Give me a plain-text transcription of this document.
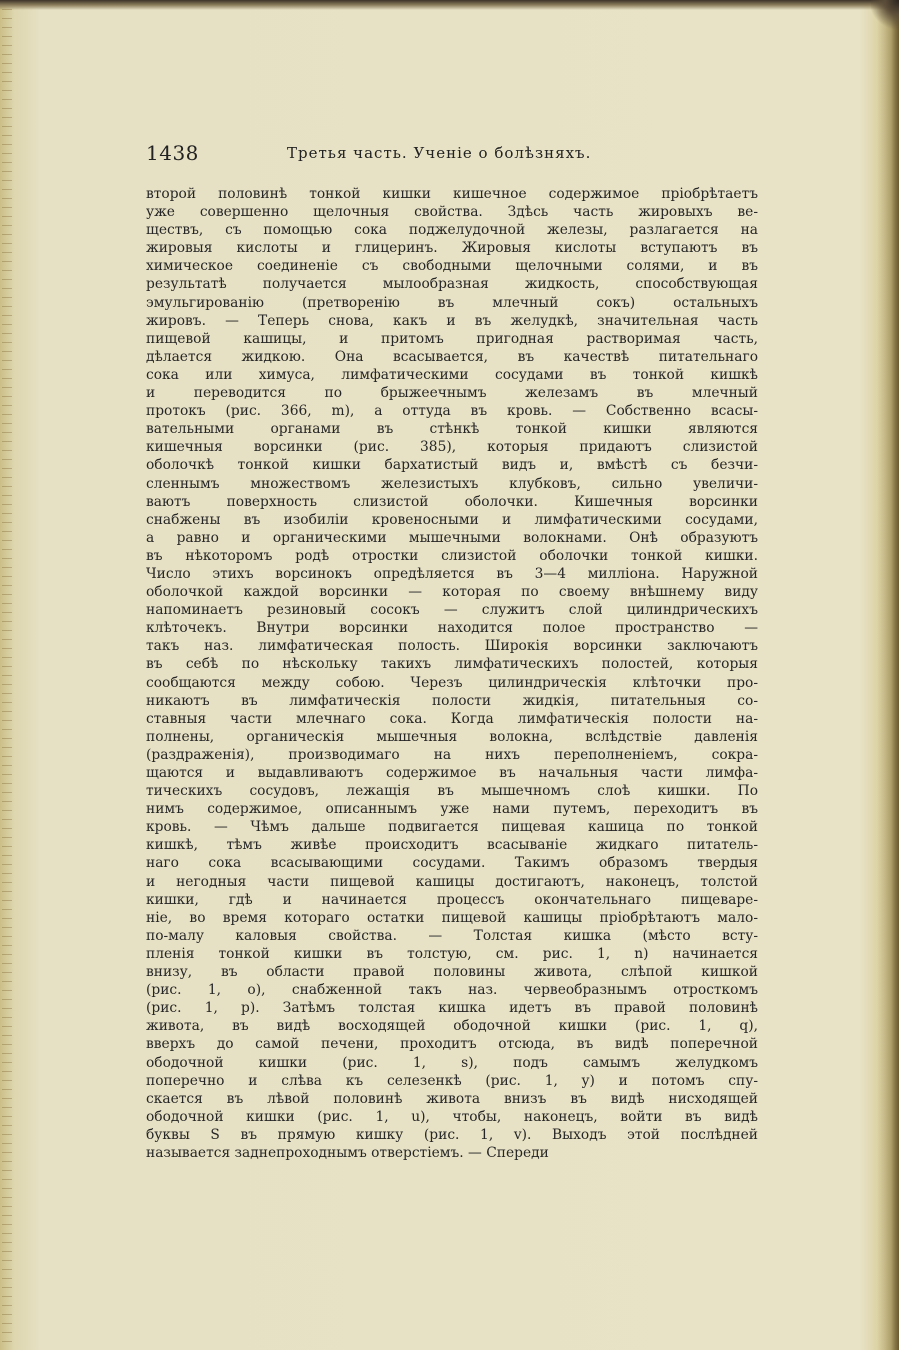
1438	Третья часть. Ученіе о болѣзняхъ.
второй половинѣ тонкой кишки кишечное содержимое пріобрѣтаетъ
уже совершенно щелочныя свойства. Здѣсь часть жировыхъ ве-
ществъ, съ помощью сока поджелудочной железы, разлагается на
жировыя кислоты и глицеринъ. Жировыя кислоты вступаютъ въ
химическое соединеніе съ свободными щелочными солями, и въ
результатѣ получается мылообразная жидкость, способствующая
эмульгированію (претворенію въ млечный сокъ) остальныхъ
жировъ. — Теперь снова, какъ и въ желудкѣ, значительная часть
пищевой кашицы, и притомъ пригодная растворимая часть,
дѣлается жидкою. Она всасывается, въ качествѣ питательнаго
сока или химуса, лимфатическими сосудами въ тонкой кишкѣ
и переводится по брыжеечнымъ железамъ въ млечный
протокъ (рис. 366, m), а оттуда въ кровь. — Собственно всасы-
вательными органами въ стѣнкѣ тонкой кишки являются
кишечныя ворсинки (рис. 385), которыя придаютъ слизистой
оболочкѣ тонкой кишки бархатистый видъ и, вмѣстѣ съ безчи-
сленнымъ множествомъ железистыхъ клубковъ, сильно увеличи-
ваютъ поверхность слизистой оболочки. Кишечныя ворсинки
снабжены въ изобиліи кровеносными и лимфатическими сосудами,
а равно и органическими мышечными волокнами. Онѣ образуютъ
въ нѣкоторомъ родѣ отростки слизистой оболочки тонкой кишки.
Число этихъ ворсинокъ опредѣляется въ 3—4 милліона. Наружной
оболочкой каждой ворсинки — которая по своему внѣшнему виду
напоминаетъ резиновый сосокъ — служитъ слой цилиндрическихъ
клѣточекъ. Внутри ворсинки находится полое пространство —
такъ наз. лимфатическая полость. Широкія ворсинки заключаютъ
въ себѣ по нѣскольку такихъ лимфатическихъ полостей, которыя
сообщаются между собою. Черезъ цилиндрическія клѣточки про-
никаютъ въ лимфатическія полости жидкія, питательныя со-
ставныя части млечнаго сока. Когда лимфатическія полости на-
полнены, органическія мышечныя волокна, вслѣдствіе давленія
(раздраженія), производимаго на нихъ переполненіемъ, сокра-
щаются и выдавливаютъ содержимое въ начальныя части лимфа-
тическихъ сосудовъ, лежащія въ мышечномъ слоѣ кишки. По
нимъ содержимое, описаннымъ уже нами путемъ, переходитъ въ
кровь. — Чѣмъ дальше подвигается пищевая кашица по тонкой
кишкѣ, тѣмъ живѣе происходитъ всасываніе жидкаго питатель-
наго сока всасывающими сосудами. Такимъ образомъ твердыя
и негодныя части пищевой кашицы достигаютъ, наконецъ, толстой
кишки, гдѣ и начинается процессъ окончательнаго пищеваре-
ніе, во время котораго остатки пищевой кашицы пріобрѣтаютъ мало-
по-малу каловыя свойства. — Толстая кишка (мѣсто всту-
пленія тонкой кишки въ толстую, см. рис. 1, n) начинается
внизу, въ области правой половины живота, слѣпой кишкой
(рис. 1, o), снабженной такъ наз. червеобразнымъ отросткомъ
(рис. 1, p). Затѣмъ толстая кишка идетъ въ правой половинѣ
живота, въ видѣ восходящей ободочной кишки (рис. 1, q),
вверхъ до самой печени, проходитъ отсюда, въ видѣ поперечной
ободочной кишки (рис. 1, s), подъ самымъ желудкомъ
поперечно и слѣва къ селезенкѣ (рис. 1, y) и потомъ спу-
скается въ лѣвой половинѣ живота внизъ въ видѣ нисходящей
ободочной кишки (рис. 1, u), чтобы, наконецъ, войти въ видѣ
буквы S въ прямую кишку (рис. 1, v). Выходъ этой послѣдней
называется заднепроходнымъ отверстіемъ. — Спереди
